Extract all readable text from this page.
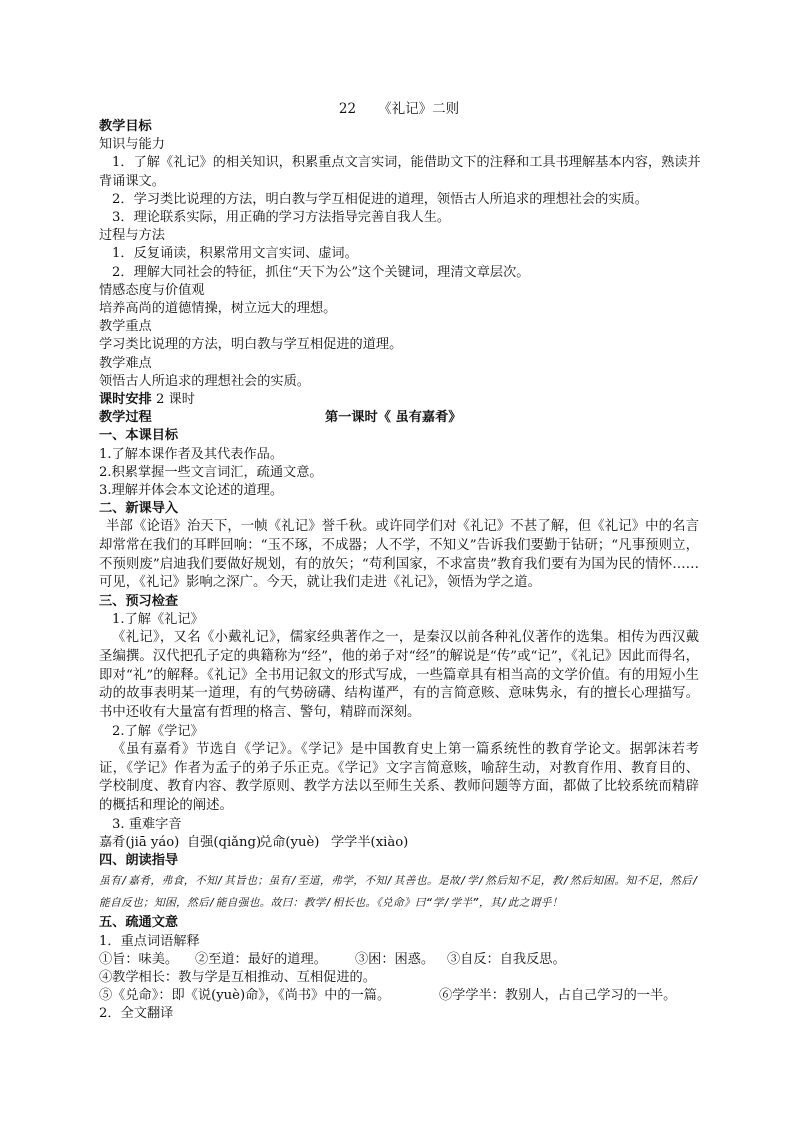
22 《礼记》二则
教学目标
知识与能力
1．了解《礼记》的相关知识，积累重点文言实词，能借助文下的注释和工具书理解基本内容，熟读并
背诵课文。
2．学习类比说理的方法，明白教与学互相促进的道理，领悟古人所追求的理想社会的实质。
3．理论联系实际，用正确的学习方法指导完善自我人生。
过程与方法
1．反复诵读，积累常用文言实词、虚词。
2．理解大同社会的特征，抓住“天下为公”这个关键词，理清文章层次。
情感态度与价值观
培养高尚的道德情操，树立远大的理想。
教学重点
学习类比说理的方法，明白教与学互相促进的道理。
教学难点
领悟古人所追求的理想社会的实质。
课时安排 2 课时
教学过程	第一课时《 虽有嘉肴》
一、本课目标
1.了解本课作者及其代表作品。
2.积累掌握一些文言词汇，疏通文意。
3.理解并体会本文论述的道理。
二、新课导入
半部《论语》治天下，一帧《礼记》誉千秋。或许同学们对《礼记》不甚了解，但《礼记》中的名言却常常在我们的耳畔回响：“玉不琢，不成器；人不学，不知义”告诉我们要勤于钻研；“凡事预则立，不预则废”启迪我们要做好规划，有的放矢；“苟利国家，不求富贵”教育我们要有为国为民的情怀……可见，《礼记》影响之深广。今天，就让我们走进《礼记》，领悟为学之道。
三、预习检查
1.了解《礼记》
《礼记》，又名《小戴礼记》，儒家经典著作之一，是秦汉以前各种礼仪著作的选集。相传为西汉戴圣编撰。汉代把孔子定的典籍称为“经”，他的弟子对“经”的解说是“传”或“记”，《礼记》因此而得名，即对“礼”的解释。《礼记》全书用记叙文的形式写成，一些篇章具有相当高的文学价值。有的用短小生动的故事表明某一道理，有的气势磅礴、结构谨严，有的言简意赅、意味隽永，有的擅长心理描写。书中还收有大量富有哲理的格言、警句，精辟而深刻。
2.了解《学记》
《虽有嘉肴》节选自《学记》。《学记》是中国教育史上第一篇系统性的教育学论文。据郭沫若考证，《学记》作者为孟子的弟子乐正克。《学记》文字言简意赅，喻辞生动，对教育作用、教育目的、学校制度、教育内容、教学原则、教学方法以至师生关系、教师问题等方面，都做了比较系统而精辟的概括和理论的阐述。
3. 重难字音
嘉肴(jiā yáo) 自强(qiǎng)兑命(yuè) 学学半(xiào)
四、朗读指导
虽有/嘉肴，弗食，不知/其旨也；虽有/至道，弗学，不知/其善也。是故/学/然后知不足，教/然后知困。知不足，然后/能自反也；知困，然后/能自强也。故曰：教学/相长也。《兑命》曰“学/学半”，其/此之谓乎！
五、疏通文意
1．重点词语解释
①旨：味美。 ②至道：最好的道理。 ③困：困惑。 ③自反：自我反思。
④教学相长：教与学是互相推动、互相促进的。
⑤《兑命》：即《说(yuè)命》，《尚书》中的一篇。	⑥学学半：教别人，占自己学习的一半。
2．全文翻译
